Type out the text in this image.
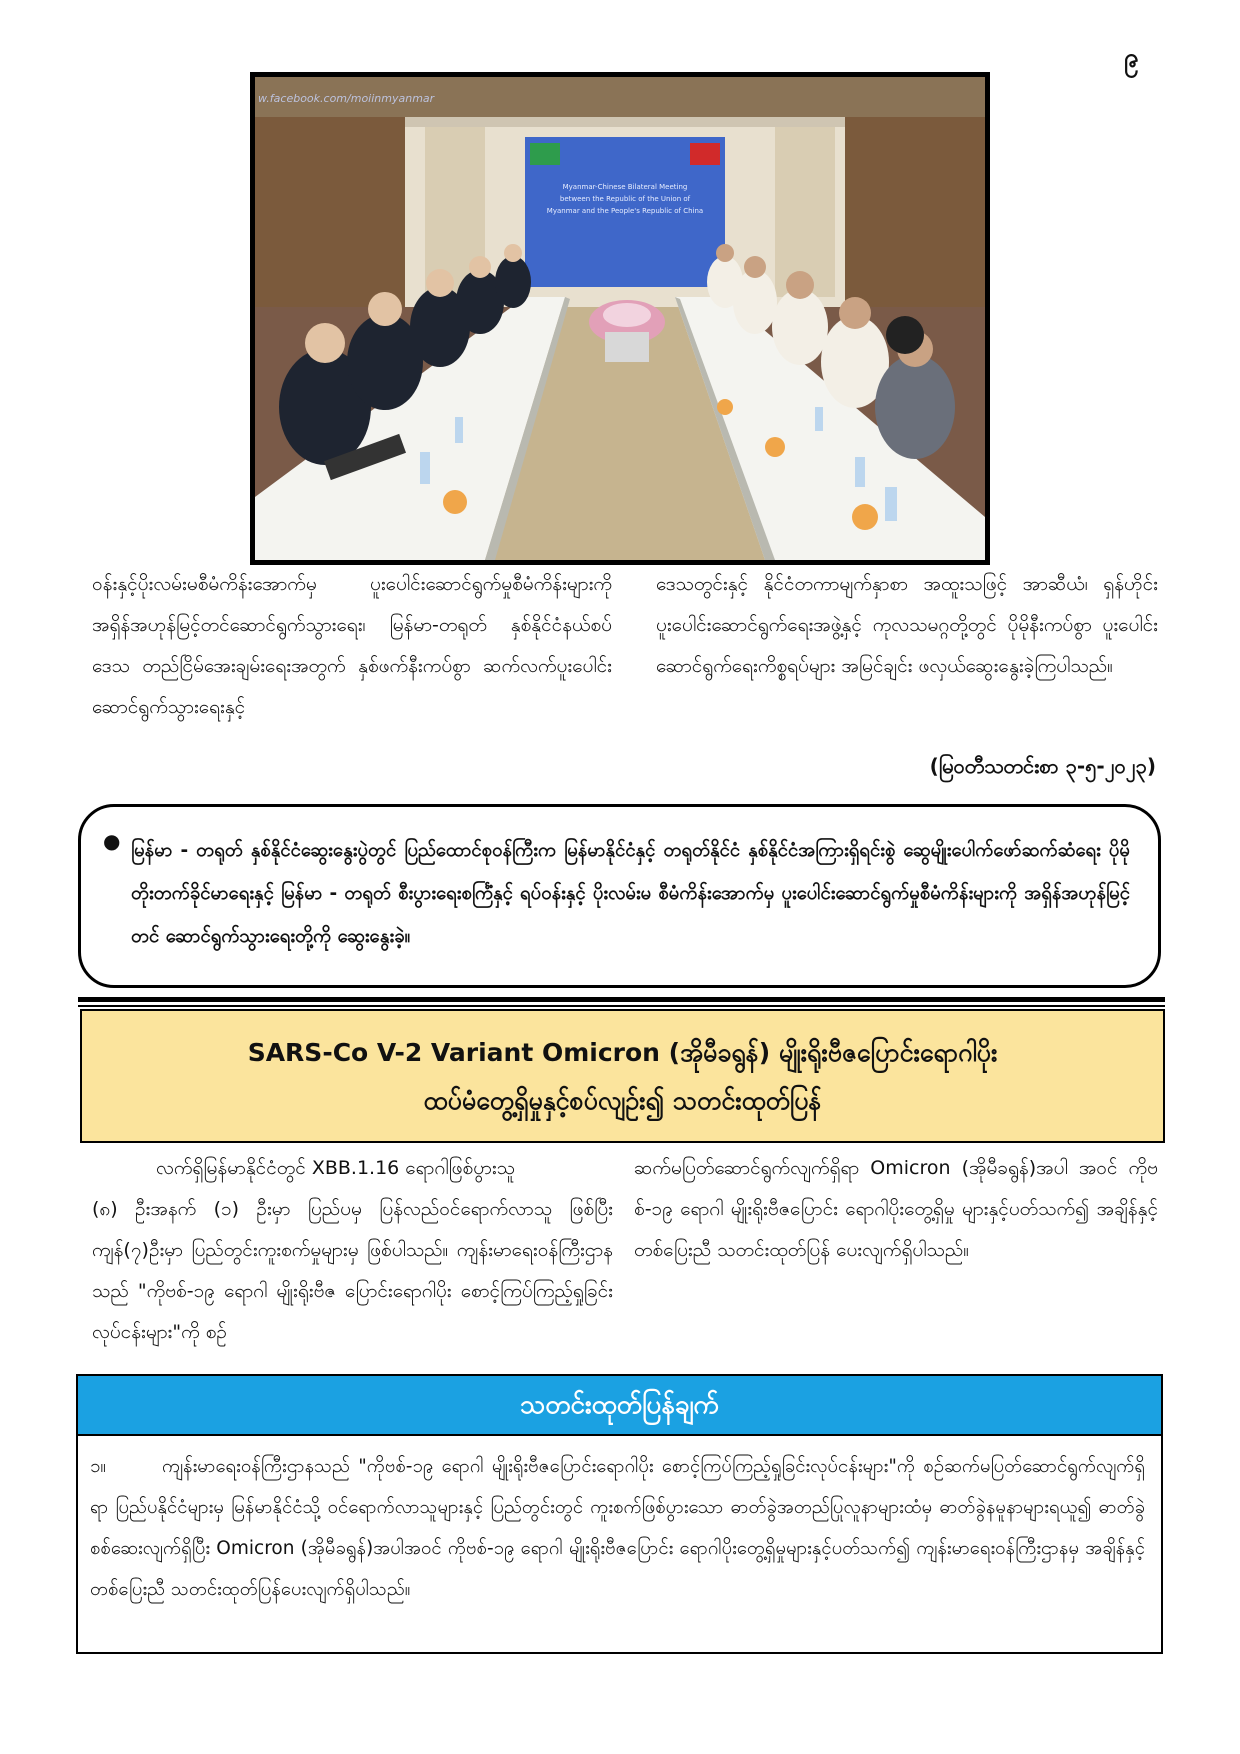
၉
Myanmar-Chinese Bilateral Meeting
between the Republic of the Union of
Myanmar and the People's Republic of China
w.facebook.com/moiinmyanmar

ဝန်းနှင့်ပိုးလမ်းမစီမံကိန်းအောက်မှ ပူးပေါင်းဆောင်ရွက်မှုစီမံကိန်းများကို အရှိန်အဟုန်မြင့်တင်ဆောင်ရွက်သွားရေး၊ မြန်မာ-တရုတ် နှစ်နိုင်ငံနယ်စပ်ဒေသ တည်ငြိမ်အေးချမ်းရေးအတွက် နှစ်ဖက်နီးကပ်စွာ ဆက်လက်ပူးပေါင်းဆောင်ရွက်သွားရေးနှင့်

ဒေသတွင်းနှင့် နိုင်ငံတကာမျက်နှာစာ အထူးသဖြင့် အာဆီယံ၊ ရှန်ဟိုင်း ပူးပေါင်းဆောင်ရွက်ရေးအဖွဲ့နှင့် ကုလသမဂ္ဂတို့တွင် ပိုမိုနီးကပ်စွာ ပူးပေါင်းဆောင်ရွက်ရေးကိစ္စရပ်များ အမြင်ချင်း ဖလှယ်ဆွေးနွေးခဲ့ကြပါသည်။

(မြဝတီသတင်းစာ ၃-၅-၂၀၂၃)
● မြန်မာ - တရုတ် နှစ်နိုင်ငံဆွေးနွေးပွဲတွင် ပြည်ထောင်စုဝန်ကြီးက မြန်မာနိုင်ငံနှင့် တရုတ်နိုင်ငံ နှစ်နိုင်ငံအကြားရှိရင်းစွဲ ဆွေမျိုးပေါက်ဖော်ဆက်ဆံရေး ပိုမိုတိုးတက်ခိုင်မာရေးနှင့် မြန်မာ - တရုတ် စီးပွားရေးစင်္ကြံနှင့် ရပ်ဝန်းနှင့် ပိုးလမ်းမ စီမံကိန်းအောက်မှ ပူးပေါင်းဆောင်ရွက်မှုစီမံကိန်းများကို အရှိန်အဟုန်မြင့်တင် ဆောင်ရွက်သွားရေးတို့ကို ဆွေးနွေးခဲ့။
SARS-Co V-2 Variant Omicron (အိုမီခရွန်) မျိုးရိုးဗီဇပြောင်းရောဂါပိုး
ထပ်မံတွေ့ရှိမှုနှင့်စပ်လျဉ်း၍ သတင်းထုတ်ပြန်

လက်ရှိမြန်မာနိုင်ငံတွင် XBB.1.16 ရောဂါဖြစ်ပွားသူ

(၈) ဦးအနက် (၁) ဦးမှာ ပြည်ပမှ ပြန်လည်ဝင်ရောက်လာသူ ဖြစ်ပြီး ကျန်(၇)ဦးမှာ ပြည်တွင်းကူးစက်မှုများမှ ဖြစ်ပါသည်။ ကျန်းမာရေးဝန်ကြီးဌာနသည် "ကိုဗစ်-၁၉ ရောဂါ မျိုးရိုးဗီဇ ပြောင်းရောဂါပိုး စောင့်ကြပ်ကြည့်ရှုခြင်းလုပ်ငန်းများ"ကို စဉ်

ဆက်မပြတ်ဆောင်ရွက်လျက်ရှိရာ Omicron (အိုမီခရွန်)အပါ အဝင် ကိုဗစ်-၁၉ ရောဂါ မျိုးရိုးဗီဇပြောင်း ရောဂါပိုးတွေ့ရှိမှု များနှင့်ပတ်သက်၍ အချိန်နှင့်တစ်ပြေးညီ သတင်းထုတ်ပြန် ပေးလျက်ရှိပါသည်။

သတင်းထုတ်ပြန်ချက်
၁။	ကျန်းမာရေးဝန်ကြီးဌာနသည် "ကိုဗစ်-၁၉ ရောဂါ မျိုးရိုးဗီဇပြောင်းရောဂါပိုး စောင့်ကြပ်ကြည့်ရှုခြင်းလုပ်ငန်းများ"ကို စဉ်ဆက်မပြတ်ဆောင်ရွက်လျက်ရှိရာ ပြည်ပနိုင်ငံများမှ မြန်မာနိုင်ငံသို့ ဝင်ရောက်လာသူများနှင့် ပြည်တွင်းတွင် ကူးစက်ဖြစ်ပွားသော ဓာတ်ခွဲအတည်ပြုလူနာများထံမှ ဓာတ်ခွဲနမူနာများရယူ၍ ဓာတ်ခွဲစစ်ဆေးလျက်ရှိပြီး Omicron (အိုမီခရွန်)အပါအဝင် ကိုဗစ်-၁၉ ရောဂါ မျိုးရိုးဗီဇပြောင်း ရောဂါပိုးတွေ့ရှိမှုများနှင့်ပတ်သက်၍ ကျန်းမာရေးဝန်ကြီးဌာနမှ အချိန်နှင့်တစ်ပြေးညီ သတင်းထုတ်ပြန်ပေးလျက်ရှိပါသည်။
